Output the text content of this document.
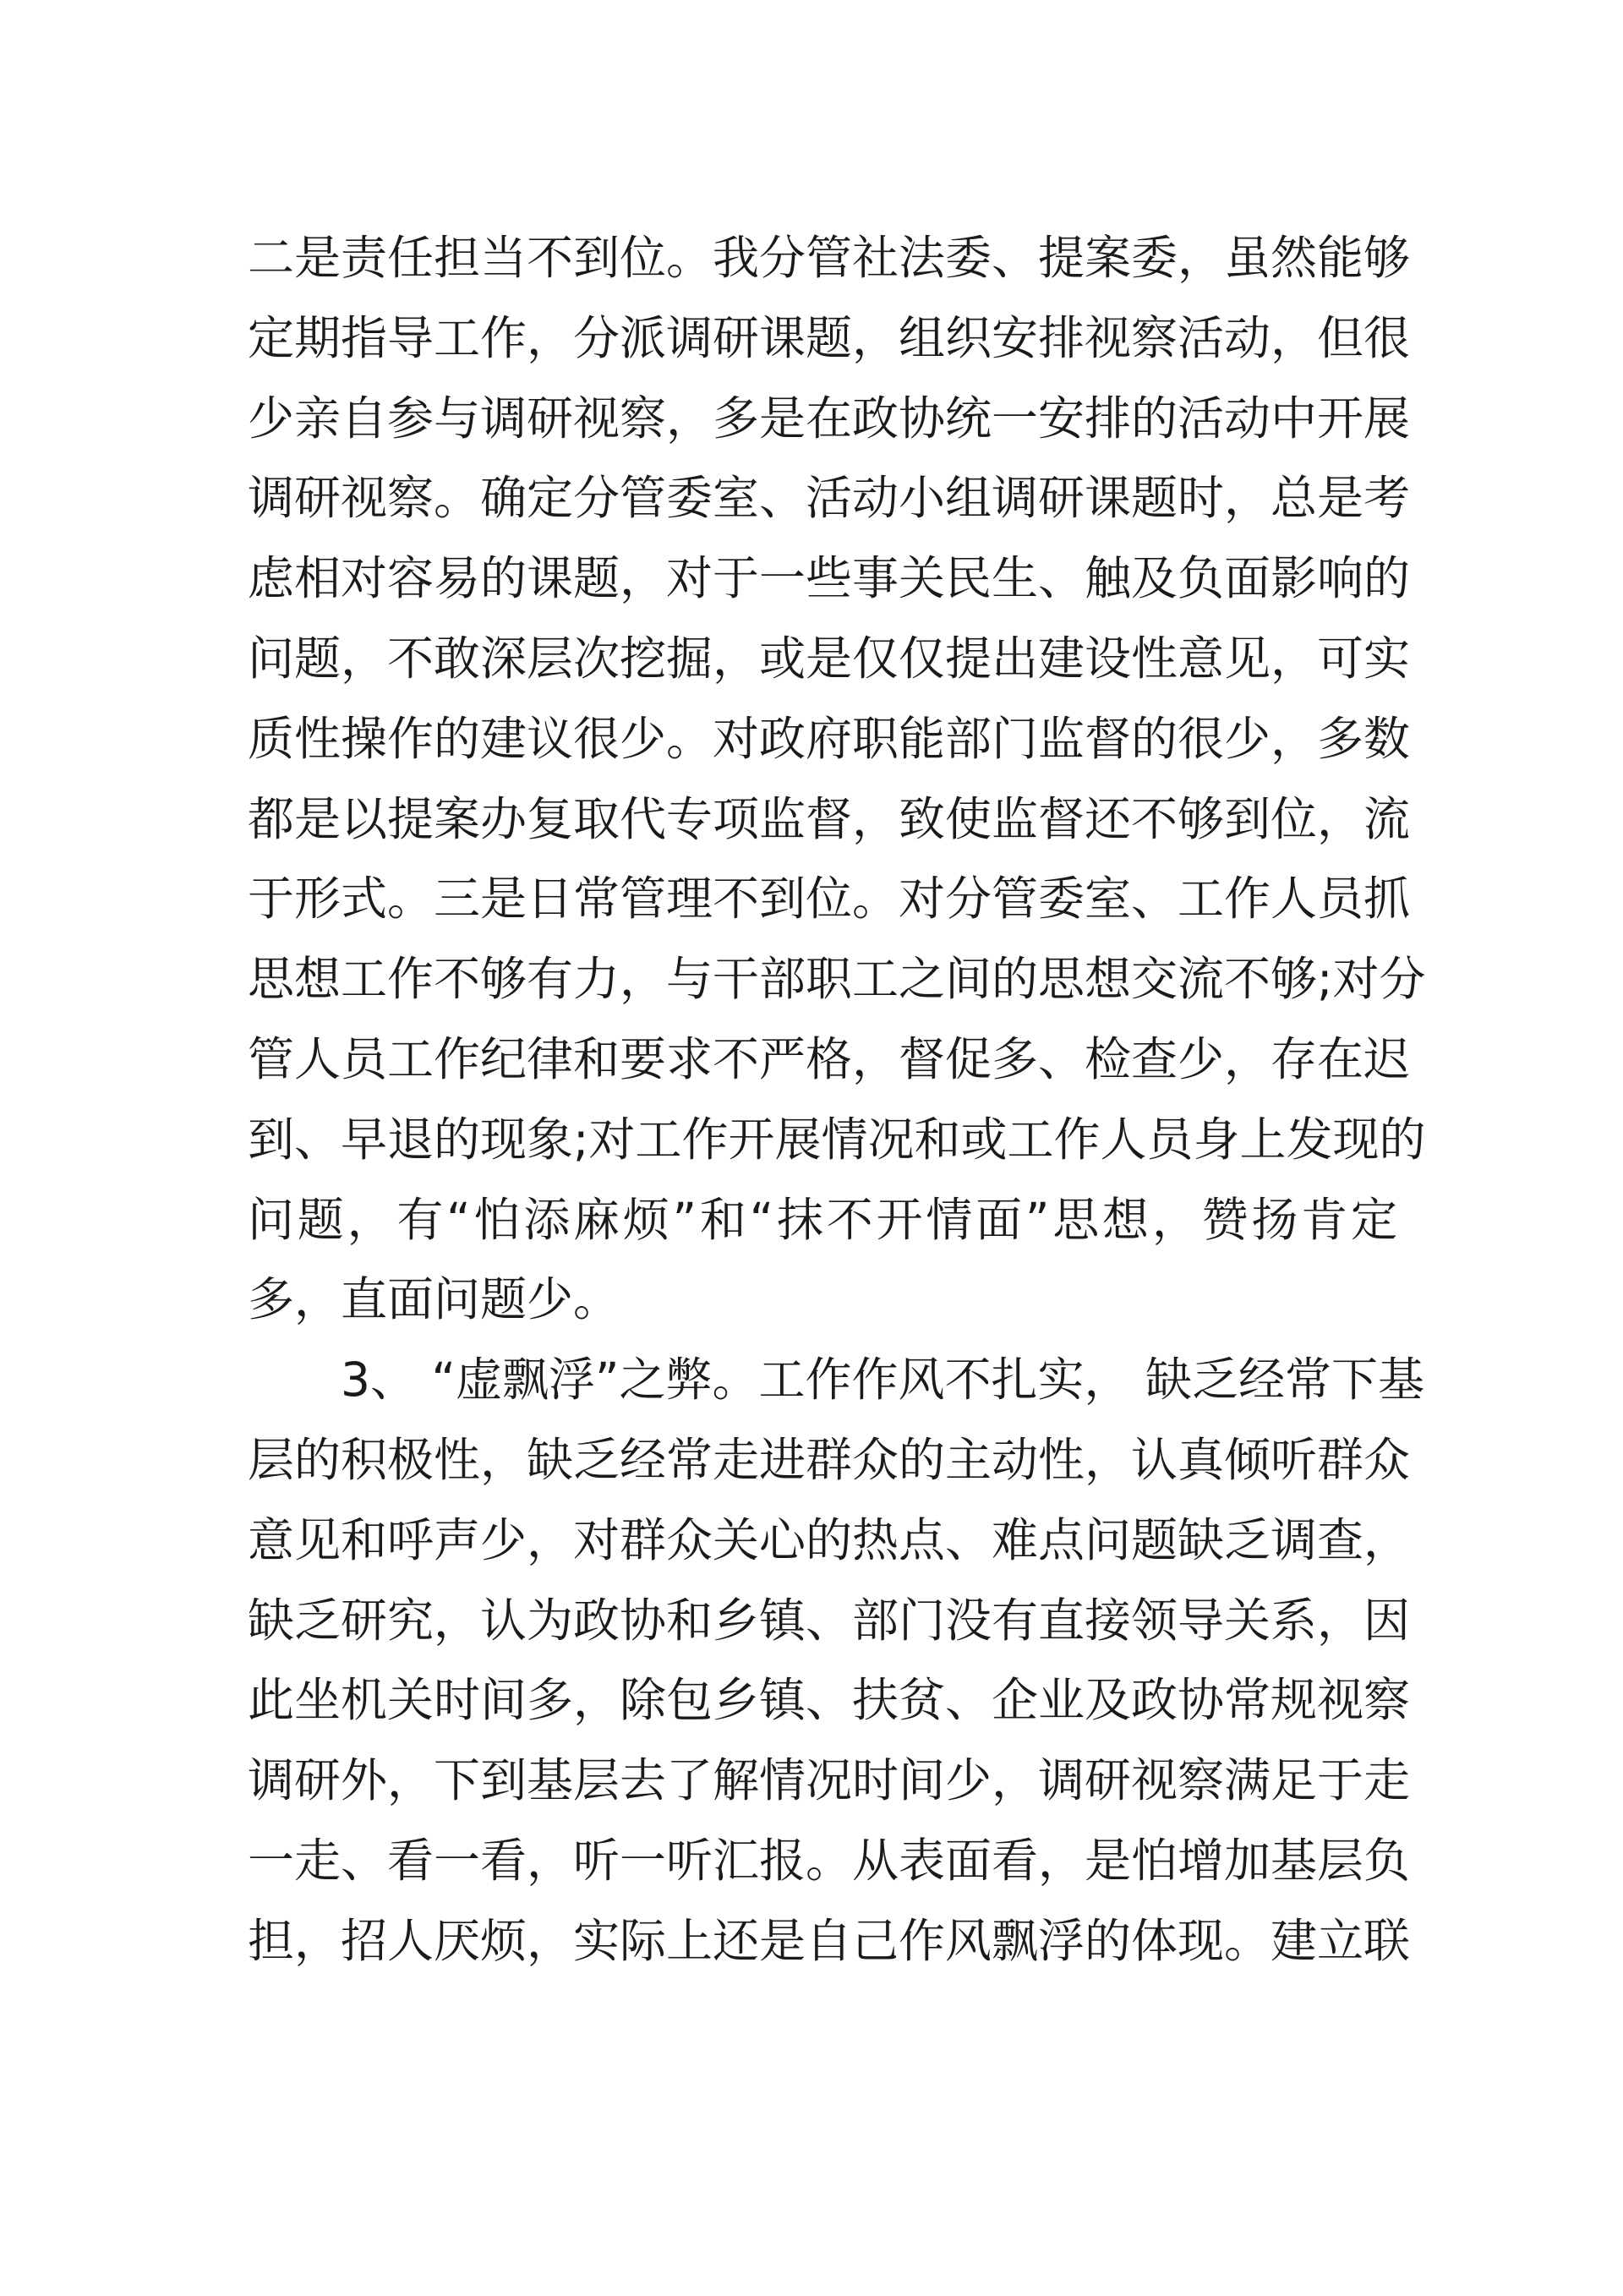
二是责任担当不到位。我分管社法委、提案委，虽然能够
定期指导工作，分派调研课题，组织安排视察活动，但很
少亲自参与调研视察，多是在政协统一安排的活动中开展
调研视察。确定分管委室、活动小组调研课题时，总是考
虑相对容易的课题，对于一些事关民生、触及负面影响的
问题，不敢深层次挖掘，或是仅仅提出建设性意见，可实
质性操作的建议很少。对政府职能部门监督的很少，多数
都是以提案办复取代专项监督，致使监督还不够到位，流
于形式。三是日常管理不到位。对分管委室、工作人员抓
思想工作不够有力，与干部职工之间的思想交流不够;对分
管人员工作纪律和要求不严格，督促多、检查少，存在迟
到、早退的现象;对工作开展情况和或工作人员身上发现的
问题，有“怕添麻烦”和“抹不开情面”思想，赞扬肯定
多，直面问题少。
3、 “虚飘浮”之弊。工作作风不扎实， 缺乏经常下基
层的积极性，缺乏经常走进群众的主动性，认真倾听群众
意见和呼声少，对群众关心的热点、难点问题缺乏调查，
缺乏研究，认为政协和乡镇、部门没有直接领导关系，因
此坐机关时间多，除包乡镇、扶贫、企业及政协常规视察
调研外，下到基层去了解情况时间少，调研视察满足于走
一走、看一看，听一听汇报。从表面看，是怕增加基层负
担，招人厌烦，实际上还是自己作风飘浮的体现。建立联
